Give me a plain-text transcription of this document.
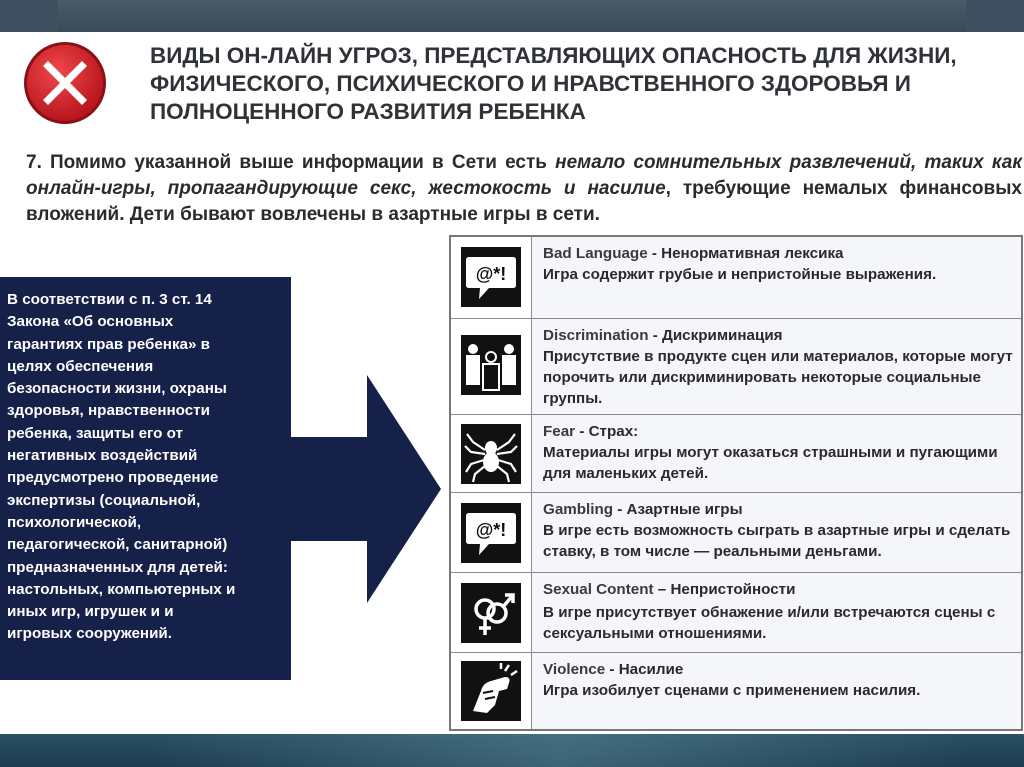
ВИДЫ ОН-ЛАЙН УГРОЗ, ПРЕДСТАВЛЯЮЩИХ ОПАСНОСТЬ ДЛЯ ЖИЗНИ,
ФИЗИЧЕСКОГО, ПСИХИЧЕСКОГО И НРАВСТВЕННОГО ЗДОРОВЬЯ И
ПОЛНОЦЕННОГО РАЗВИТИЯ РЕБЕНКА
7. Помимо указанной выше информации в Сети есть немало сомнительных развлечений, таких как онлайн-игры, пропагандирующие секс, жестокость и насилие, требующие немалых финансовых вложений. Дети бывают вовлечены в азартные игры в сети.
В соответствии с п. 3 ст. 14
Закона «Об основных
гарантиях прав ребенка» в
целях обеспечения
безопасности жизни, охраны
здоровья, нравственности
ребенка, защиты его от
негативных воздействий
предусмотрено проведение
экспертизы (социальной,
психологической,
педагогической, санитарной)
предназначенных для детей:
настольных, компьютерных и
иных игр, игрушек и и
игровых сооружений.
@*!
Bad Language - Ненормативная лексика
Игра содержит грубые и непристойные выражения.
Discrimination - Дискриминация
Присутствие в продукте сцен или материалов, которые могут порочить или дискриминировать некоторые социальные группы.
Fear - Страх:
Материалы игры могут оказаться страшными и пугающими для маленьких детей.
@*!
Gambling - Азартные игры
В игре есть возможность сыграть в азартные игры и сделать ставку, в том числе — реальными деньгами.
Sexual Content – Непристойности
В игре присутствует обнажение и/или встречаются сцены с сексуальными отношениями.
Violence - Насилие
Игра изобилует сценами с применением насилия.
